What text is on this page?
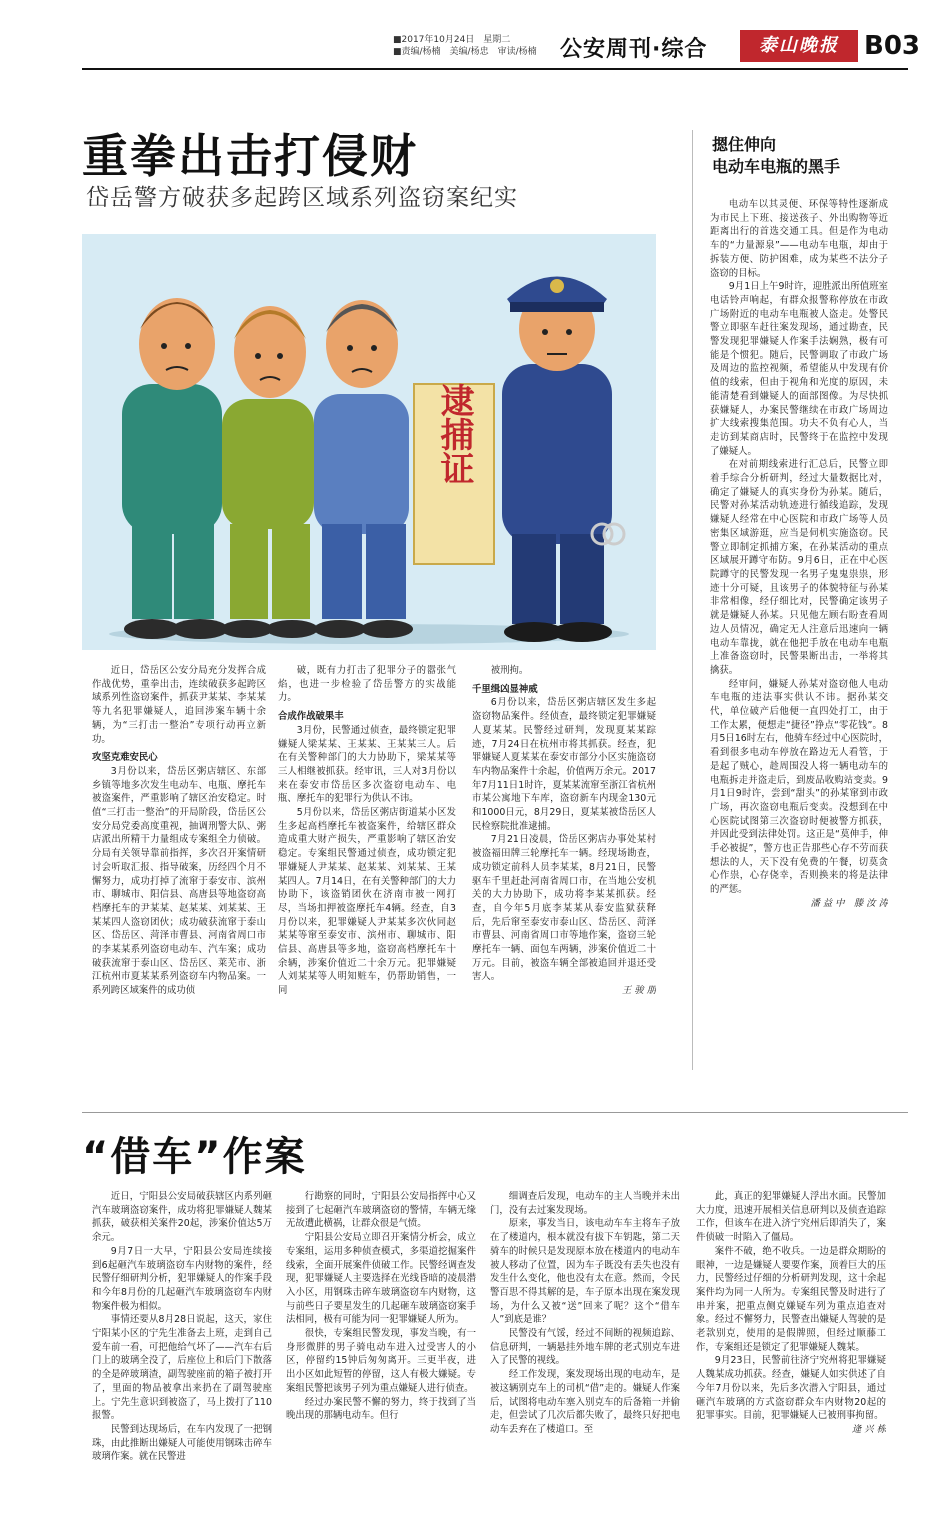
■2017年10月24日　星期二
■责编/杨楠　美编/杨忠　审读/杨楠	公安周刊·综合	泰山晚报 B03
重拳出击打侵财
岱岳警方破获多起跨区域系列盗窃案纪实
逮捕证
摁住伸向
电动车电瓶的黑手

电动车以其灵便、环保等特性逐渐成为市民上下班、接送孩子、外出购物等近距离出行的首选交通工具。但是作为电动车的“力量源泉”——电动车电瓶，却由于拆装方便、防护困难，成为某些不法分子盗窃的目标。

9月1日上午9时许，迎胜派出所值班室电话铃声响起，有群众报警称停放在市政广场附近的电动车电瓶被人盗走。处警民警立即驱车赶往案发现场，通过勘查，民警发现犯罪嫌疑人作案手法娴熟，极有可能是个惯犯。随后，民警调取了市政广场及周边的监控视频，希望能从中发现有价值的线索，但由于视角和光度的原因，未能清楚看到嫌疑人的面部图像。为尽快抓获嫌疑人，办案民警继续在市政广场周边扩大线索搜集范围。功夫不负有心人，当走访到某商店时，民警终于在监控中发现了嫌疑人。

在对前期线索进行汇总后，民警立即着手综合分析研判，经过大量数据比对，确定了嫌疑人的真实身份为孙某。随后，民警对孙某活动轨迹进行循线追踪，发现嫌疑人经常在中心医院和市政广场等人员密集区域游逛，应当是伺机实施盗窃。民警立即制定抓捕方案，在孙某活动的重点区域展开蹲守布防。9月6日，正在中心医院蹲守的民警发现一名男子鬼鬼祟祟，形迹十分可疑，且该男子的体貌特征与孙某非常相像，经仔细比对，民警确定该男子就是嫌疑人孙某。只见他左顾右盼查看周边人员情况，确定无人注意后迅速向一辆电动车靠拢，就在他把手放在电动车电瓶上准备盗窃时，民警果断出击，一举将其擒获。

经审问，嫌疑人孙某对盗窃他人电动车电瓶的违法事实供认不讳。据孙某交代，单位破产后他便一直四处打工，由于工作太累，便想走“捷径”挣点“零花钱”。8月5日16时左右，他骑车经过中心医院时，看到很多电动车停放在路边无人看管，于是起了贼心，趁周围没人将一辆电动车的电瓶拆走并盗走后，到废品收购站变卖。9月1日9时许，尝到“甜头”的孙某窜到市政广场，再次盗窃电瓶后变卖。没想到在中心医院试图第三次盗窃时便被警方抓获，并因此受到法律处罚。这正是“莫伸手，伸手必被捉”，警方也正告那些心存不劳而获想法的人，天下没有免费的午餐，切莫贪心作祟，心存侥幸，否则换来的将是法律的严惩。

潘 益 中　滕 汝 涛

近日，岱岳区公安分局充分发挥合成作战优势，重拳出击，连续破获多起跨区域系列性盗窃案件，抓获尹某某、李某某等九名犯罪嫌疑人，追回涉案车辆十余辆，为“三打击一整治”专项行动再立新功。

攻坚克难安民心

3月份以来，岱岳区粥店辖区、东部乡镇等地多次发生电动车、电瓶、摩托车被盗案件，严重影响了辖区治安稳定。时值“三打击一整治”的开局阶段，岱岳区公安分局党委高度重视，抽调刑警大队、粥店派出所精干力量组成专案组全力侦破。分局有关领导靠前指挥，多次召开案情研讨会听取汇报、指导破案，历经四个月不懈努力，成功打掉了流窜于泰安市、滨州市、聊城市、阳信县、高唐县等地盗窃高档摩托车的尹某某、赵某某、刘某某、王某某四人盗窃团伙；成功破获流窜于泰山区、岱岳区、菏泽市曹县、河南省周口市的李某某系列盗窃电动车、汽车案；成功破获流窜于泰山区、岱岳区、莱芜市、浙江杭州市夏某某系列盗窃车内物品案。一系列跨区域案件的成功侦

破，既有力打击了犯罪分子的嚣张气焰，也进一步检验了岱岳警方的实战能力。

合成作战破果丰

3月份，民警通过侦查，最终锁定犯罪嫌疑人梁某某、王某某、王某某三人。后在有关警种部门的大力协助下，梁某某等三人相继被抓获。经审讯，三人对3月份以来在泰安市岱岳区多次盗窃电动车、电瓶、摩托车的犯罪行为供认不讳。

5月份以来，岱岳区粥店街道某小区发生多起高档摩托车被盗案件，给辖区群众造成重大财产损失，严重影响了辖区治安稳定。专案组民警通过侦查，成功锁定犯罪嫌疑人尹某某、赵某某、刘某某、王某某四人。7月14日，在有关警种部门的大力协助下，该盗销团伙在济南市被一网打尽，当场扣押被盗摩托车4辆。经查，自3月份以来，犯罪嫌疑人尹某某多次伙同赵某某等窜至泰安市、滨州市、聊城市、阳信县、高唐县等多地，盗窃高档摩托车十余辆，涉案价值近二十余万元。犯罪嫌疑人刘某某等人明知赃车，仍帮助销售，一同

被刑拘。

千里缉凶显神威

6月份以来，岱岳区粥店辖区发生多起盗窃物品案件。经侦查，最终锁定犯罪嫌疑人夏某某。民警经过研判，发现夏某某踪迹，7月24日在杭州市将其抓获。经查，犯罪嫌疑人夏某某在泰安市部分小区实施盗窃车内物品案件十余起，价值两万余元。2017年7月11日1时许，夏某某流窜至浙江省杭州市某公寓地下车库，盗窃新车内现金130元和1000日元，8月29日，夏某某被岱岳区人民检察院批准逮捕。

7月21日凌晨，岱岳区粥店办事处某村被盗福田牌三轮摩托车一辆。经现场勘查，成功锁定前科人员李某某，8月21日，民警驱车千里赶赴河南省周口市，在当地公安机关的大力协助下，成功将李某某抓获。经查，自今年5月底李某某从泰安监狱获释后，先后窜至泰安市泰山区、岱岳区、菏泽市曹县、河南省周口市等地作案，盗窃三轮摩托车一辆、面包车两辆，涉案价值近二十万元。目前，被盗车辆全部被追回并退还受害人。

王 骏 朋

“借车”作案

近日，宁阳县公安局破获辖区内系列砸汽车玻璃盗窃案件，成功将犯罪嫌疑人魏某抓获，破获相关案件20起，涉案价值达5万余元。

9月7日一大早，宁阳县公安局连续接到6起砸汽车玻璃盗窃车内财物的案件，经民警仔细研判分析，犯罪嫌疑人的作案手段和今年8月份的几起砸汽车玻璃盗窃车内财物案件极为相似。

事情还要从8月28日说起，这天，家住宁阳某小区的宁先生准备去上班，走到自己爱车前一看，可把他给气坏了——汽车右后门上的玻璃全没了，后座位上和后门下散落的全是碎玻璃渣，副驾驶座前的箱子被打开了，里面的物品被拿出来扔在了副驾驶座上。宁先生意识到被盗了，马上拨打了110报警。

民警到达现场后，在车内发现了一把钢珠，由此推断出嫌疑人可能使用钢珠击碎车玻璃作案。就在民警进

行勘察的同时，宁阳县公安局指挥中心又接到了七起砸汽车玻璃盗窃的警情，车辆无缘无故遭此横祸，让群众很是气愤。

宁阳县公安局立即召开案情分析会，成立专案组，运用多种侦查模式，多渠道挖掘案件线索，全面开展案件侦破工作。民警经调查发现，犯罪嫌疑人主要选择在光线昏暗的凌晨潜入小区，用钢珠击碎车玻璃盗窃车内财物，这与前些日子要星发生的几起砸车玻璃盗窃案手法相同，极有可能为同一犯罪嫌疑人所为。

很快，专案组民警发现，事发当晚，有一身形微胖的男子骑电动车进入过受害人的小区，停留约15钟后匆匆离开。三更半夜，进出小区如此短暂的停留，这人有极大嫌疑。专案组民警把该男子列为重点嫌疑人进行侦查。

经过办案民警不懈的努力，终于找到了当晚出现的那辆电动车。但行

细调查后发现，电动车的主人当晚并未出门，没有去过案发现场。

原来，事发当日，该电动车车主将车子放在了楼道内，根本就没有拔下车钥匙，第二天骑车的时候只是发现原本放在楼道内的电动车被人移动了位置，因为车子既没有丢失也没有发生什么变化，他也没有太在意。然而，令民警百思不得其解的是，车子原本出现在案发现场，为什么又被“送”回来了呢？这个“借车人”到底是谁？

民警没有气馁，经过不间断的视频追踪、信息研判，一辆悬挂外地车牌的老式别克车进入了民警的视线。

经工作发现，案发现场出现的电动车，是被这辆别克车上的司机“借”走的。嫌疑人作案后，试图将电动车塞入别克车的后备箱一并偷走，但尝试了几次后都失败了，最终只好把电动车丢弃在了楼道口。至

此，真正的犯罪嫌疑人浮出水面。民警加大力度，迅速开展相关信息研判以及侦查追踪工作，但该车在进入济宁究州后即消失了，案件侦破一时陷入了僵局。

案件不破，绝不收兵。一边是群众期盼的眼神，一边是嫌疑人要要作案，顶着巨大的压力，民警经过仔细的分析研判发现，这十余起案件均为同一人所为。专案组民警及时进行了串并案，把重点侧克嫌疑车列为重点追查对象。经过不懈努力，民警查出嫌疑人驾驶的是老款别克，使用的是假牌照，但经过顺藤工作，专案组还是锁定了犯罪嫌疑人魏某。

9月23日，民警前往济宁究州将犯罪嫌疑人魏某成功抓获。经查，嫌疑人如实供述了自今年7月份以来，先后多次潜入宁阳县，通过砸汽车玻璃的方式盗窃群众车内财物20起的犯罪事实。目前，犯罪嫌疑人已被刑事拘留。

逄 兴 栋
